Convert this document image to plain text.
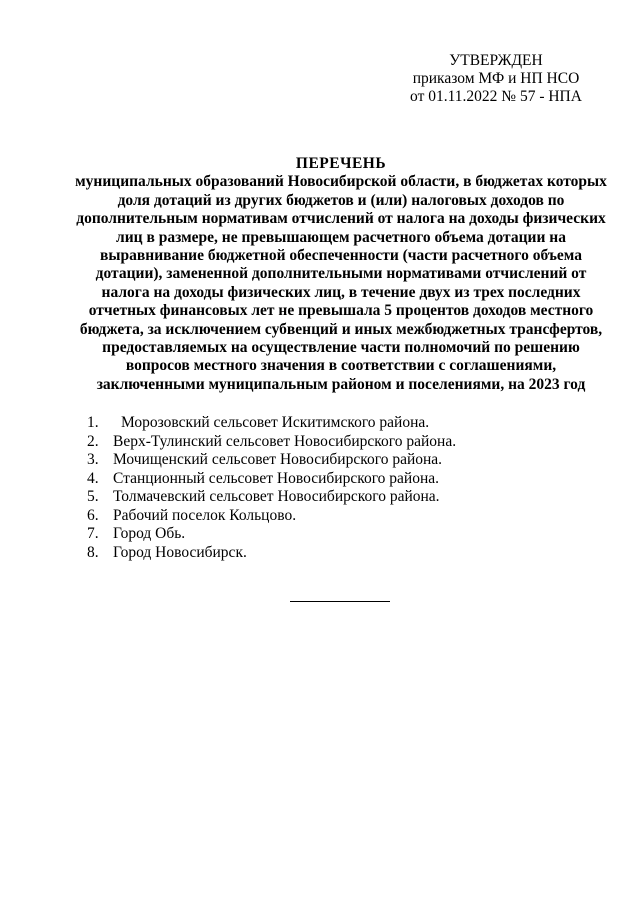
УТВЕРЖДЕН
приказом МФ и НП НСО
от 01.11.2022 № 57 - НПА
ПЕРЕЧЕНЬ
муниципальных образований Новосибирской области, в бюджетах которых
доля дотаций из других бюджетов и (или) налоговых доходов по
дополнительным нормативам отчислений от налога на доходы физических
лиц в размере, не превышающем расчетного объема дотации на
выравнивание бюджетной обеспеченности (части расчетного объема
дотации), замененной дополнительными нормативами отчислений от
налога на доходы физических лиц, в течение двух из трех последних
отчетных финансовых лет не превышала 5 процентов доходов местного
бюджета, за исключением субвенций и иных межбюджетных трансфертов,
предоставляемых на осуществление части полномочий по решению
вопросов местного значения в соответствии с соглашениями,
заключенными муниципальным районом и поселениями, на 2023 год
1.	Морозовский сельсовет Искитимского района.
2. Верх-Тулинский сельсовет Новосибирского района.
3. Мочищенский сельсовет Новосибирского района.
4. Станционный сельсовет Новосибирского района.
5. Толмачевский сельсовет Новосибирского района.
6. Рабочий поселок Кольцово.
7. Город Обь.
8. Город Новосибирск.
